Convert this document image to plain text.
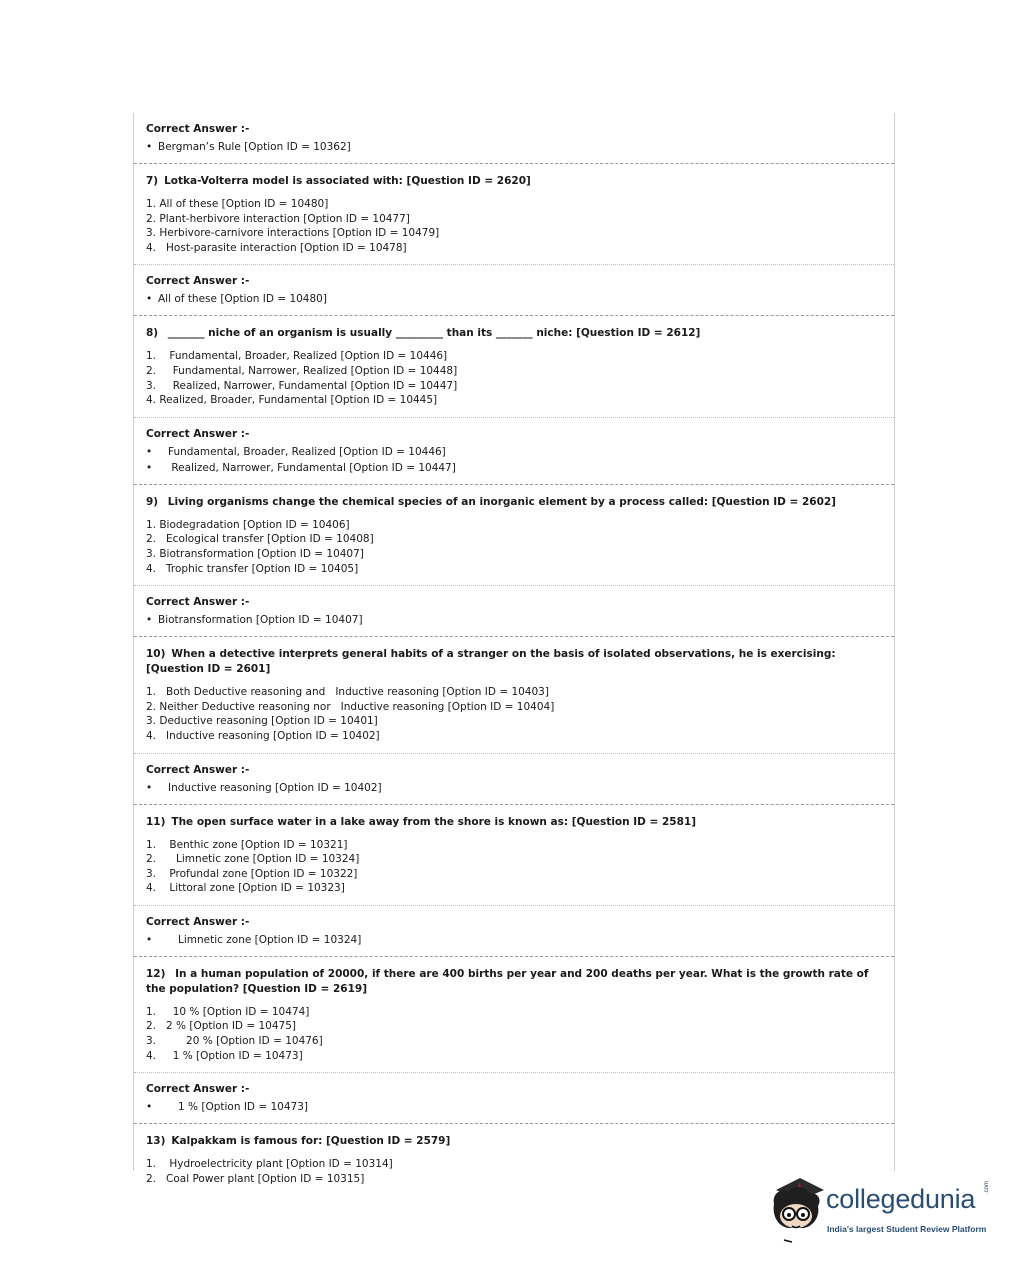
Correct Answer :-
• Bergman’s Rule [Option ID = 10362]
7) Lotka-Volterra model is associated with: [Question ID = 2620]
1. All of these [Option ID = 10480]
2. Plant-herbivore interaction [Option ID = 10477]
3. Herbivore-carnivore interactions [Option ID = 10479]
4.   Host-parasite interaction [Option ID = 10478]
Correct Answer :-
• All of these [Option ID = 10480]
8) _______ niche of an organism is usually _________ than its _______ niche: [Question ID = 2612]
1.    Fundamental, Broader, Realized [Option ID = 10446]
2.     Fundamental, Narrower, Realized [Option ID = 10448]
3.     Realized, Narrower, Fundamental [Option ID = 10447]
4. Realized, Broader, Fundamental [Option ID = 10445]
Correct Answer :-
• Fundamental, Broader, Realized [Option ID = 10446]
• Realized, Narrower, Fundamental [Option ID = 10447]
9) Living organisms change the chemical species of an inorganic element by a process called: [Question ID = 2602]
1. Biodegradation [Option ID = 10406]
2.   Ecological transfer [Option ID = 10408]
3. Biotransformation [Option ID = 10407]
4.   Trophic transfer [Option ID = 10405]
Correct Answer :-
• Biotransformation [Option ID = 10407]
10) When a detective interprets general habits of a stranger on the basis of isolated observations, he is exercising: [Question ID = 2601]
1.   Both Deductive reasoning and   Inductive reasoning [Option ID = 10403]
2. Neither Deductive reasoning nor   Inductive reasoning [Option ID = 10404]
3. Deductive reasoning [Option ID = 10401]
4.   Inductive reasoning [Option ID = 10402]
Correct Answer :-
• Inductive reasoning [Option ID = 10402]
11) The open surface water in a lake away from the shore is known as: [Question ID = 2581]
1.    Benthic zone [Option ID = 10321]
2.      Limnetic zone [Option ID = 10324]
3.    Profundal zone [Option ID = 10322]
4.    Littoral zone [Option ID = 10323]
Correct Answer :-
•   Limnetic zone [Option ID = 10324]
12) In a human population of 20000, if there are 400 births per year and 200 deaths per year. What is the growth rate of the population? [Question ID = 2619]
1.     10 % [Option ID = 10474]
2.   2 % [Option ID = 10475]
3.         20 % [Option ID = 10476]
4.     1 % [Option ID = 10473]
Correct Answer :-
•   1 % [Option ID = 10473]
13) Kalpakkam is famous for: [Question ID = 2579]
1.    Hydroelectricity plant [Option ID = 10314]
2.   Coal Power plant [Option ID = 10315]
collegedunia .com
India's largest Student Review Platform
